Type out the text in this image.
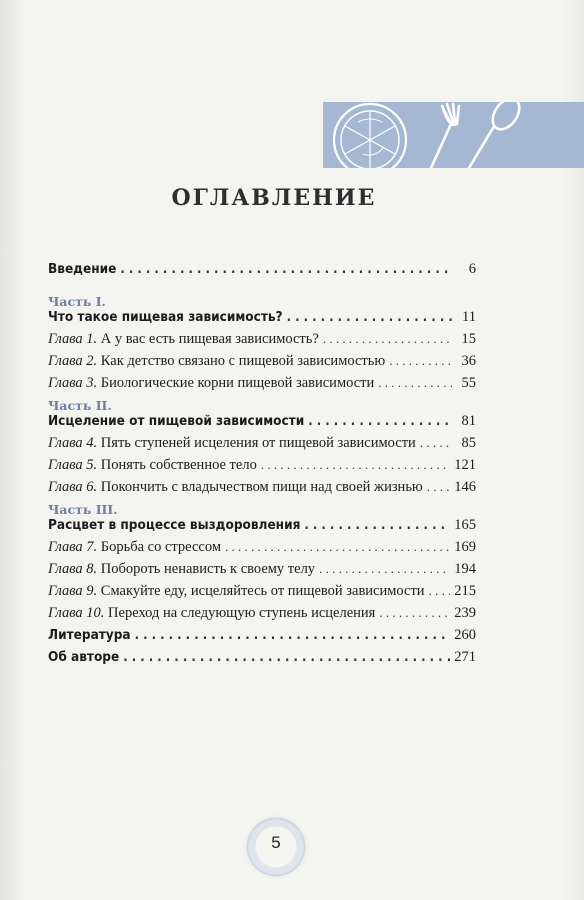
ОГЛАВЛЕНИЕ
Введение . . .	6
Часть I.
Что такое пищевая зависимость? . . .	11
Глава 1. А у вас есть пищевая зависимость? . . .	15
Глава 2. Как детство связано с пищевой зависимостью . . .	36
Глава 3. Биологические корни пищевой зависимости . . .	55
Часть II.
Исцеление от пищевой зависимости . . .	81
Глава 4. Пять ступеней исцеления от пищевой зависимости . . .	85
Глава 5. Понять собственное тело . . .	121
Глава 6. Покончить с владычеством пищи над своей жизнью . . . 146
Часть III.
Расцвет в процессе выздоровления . . .	165
Глава 7. Борьба со стрессом . . .	169
Глава 8. Побороть ненависть к своему телу . . .	194
Глава 9. Смакуйте еду, исцеляйтесь от пищевой зависимости . . . 215
Глава 10. Переход на следующую ступень исцеления . . .	239
Литература . . .	260
Об авторе . . .	271
5
